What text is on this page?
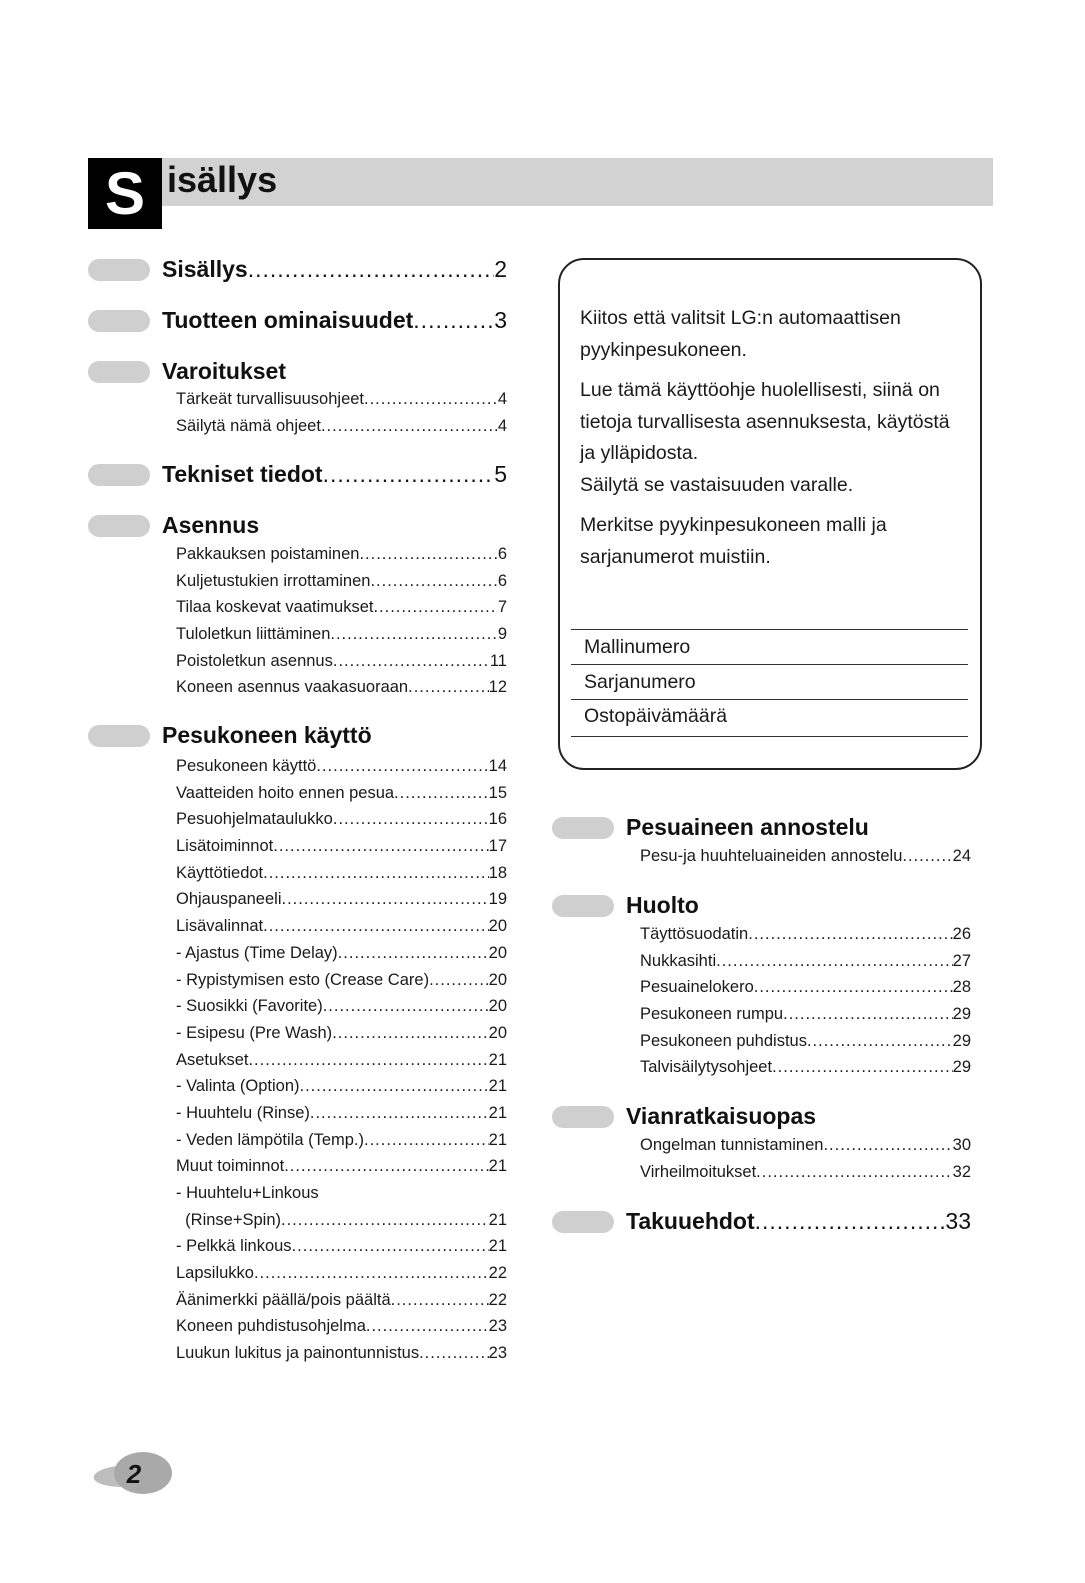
S isällys
Sisällys .....	2
Tuotteen ominaisuudet .....	3
Varoitukset
Tärkeät turvallisuusohjeet .....	4
Säilytä nämä ohjeet .....	4
Tekniset tiedot .....	5
Asennus
Pakkauksen poistaminen .....	6
Kuljetustukien irrottaminen .....	6
Tilaa koskevat vaatimukset .....	7
Tuloletkun liittäminen .....	9
Poistoletkun asennus .....	11
Koneen asennus vaakasuoraan .....	12
Pesukoneen käyttö
Pesukoneen käyttö .....	14
Vaatteiden hoito ennen pesua .....	15
Pesuohjelmataulukko .....	16
Lisätoiminnot .....	17
Käyttötiedot .....	18
Ohjauspaneeli .....	19
Lisävalinnat .....	20
- Ajastus (Time Delay) .....	20
- Rypistymisen esto (Crease Care) .....	20
- Suosikki (Favorite) .....	20
- Esipesu (Pre Wash) .....	20
Asetukset .....	21
- Valinta (Option) .....	21
- Huuhtelu (Rinse) .....	21
- Veden lämpötila (Temp.) .....	21
Muut toiminnot .....	21
- Huuhtelu+Linkous
(Rinse+Spin) .....	21
- Pelkkä linkous .....	21
Lapsilukko .....	22
Äänimerkki päällä/pois päältä .....	22
Koneen puhdistusohjelma .....	23
Luukun lukitus ja painontunnistus .....	23

Kiitos että valitsit LG:n automaattisen pyykinpesukoneen.

Lue tämä käyttöohje huolellisesti, siinä on tietoja turvallisesta asennuksesta, käytöstä ja ylläpidosta.

Säilytä se vastaisuuden varalle.

Merkitse pyykinpesukoneen malli ja sarjanumerot muistiin.

Mallinumero
Sarjanumero
Ostopäivämäärä
Pesuaineen annostelu
Pesu-ja huuhteluaineiden annostelu .....	24
Huolto
Täyttösuodatin .....	26
Nukkasihti .....	27
Pesuainelokero .....	28
Pesukoneen rumpu .....	29
Pesukoneen puhdistus .....	29
Talvisäilytysohjeet .....	29
Vianratkaisuopas
Ongelman tunnistaminen .....	30
Virheilmoitukset .....	32
Takuuehdot .....	33
2
